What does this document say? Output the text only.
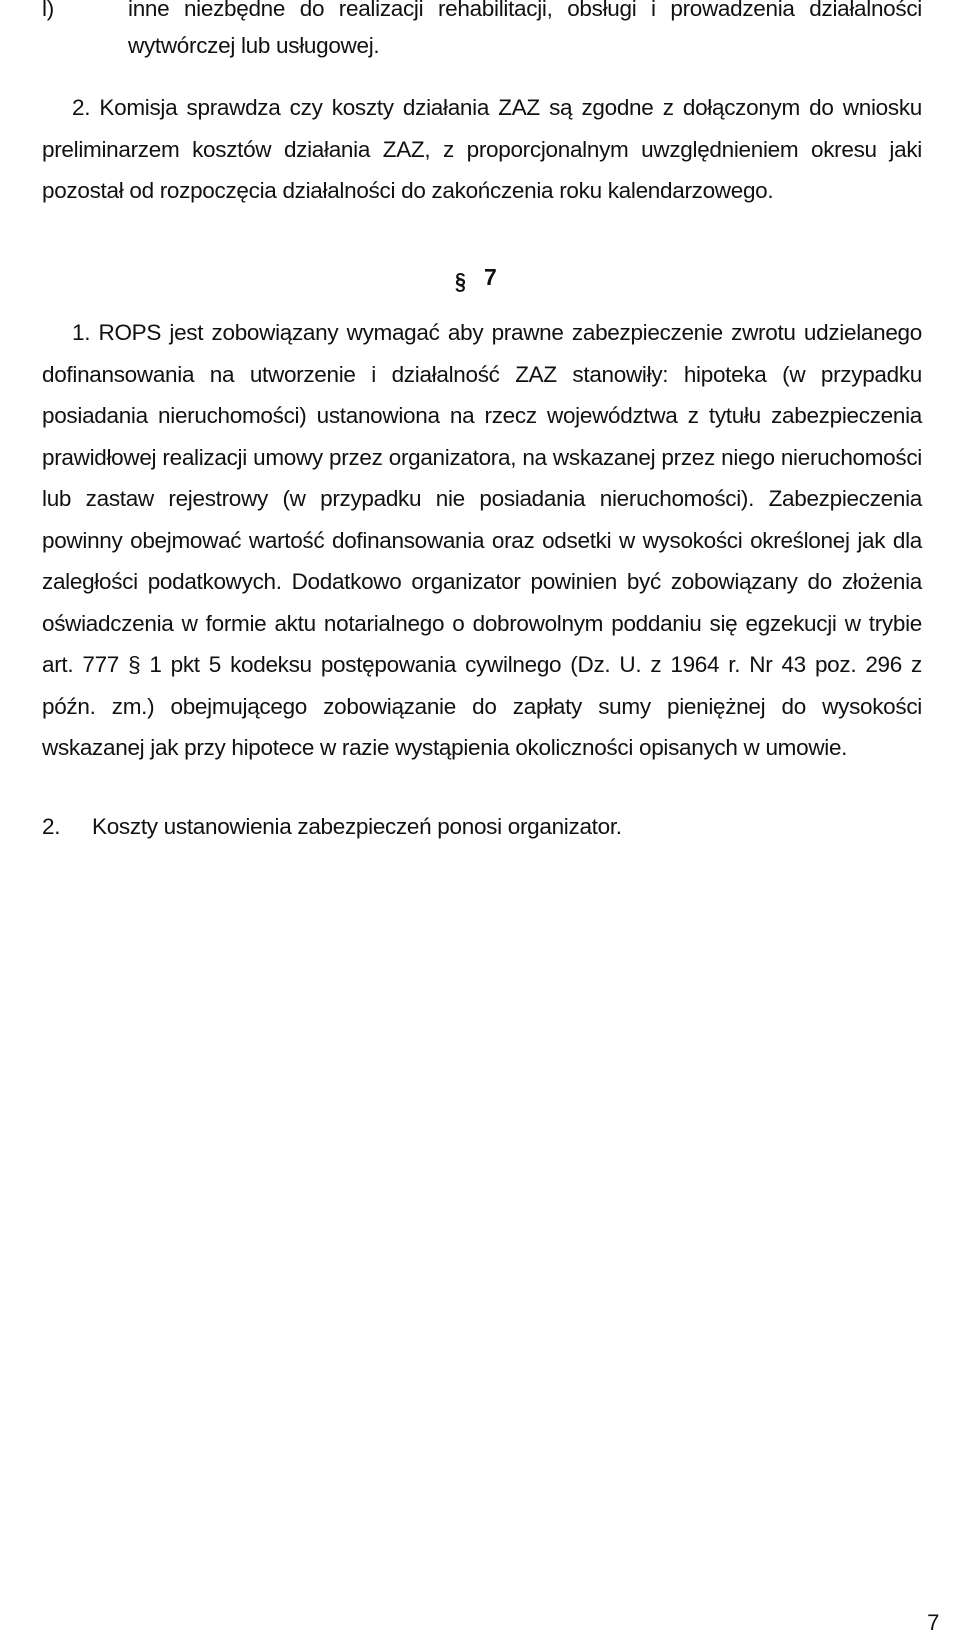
l)	inne niezbędne do realizacji rehabilitacji, obsługi i prowadzenia działalności wytwórczej lub usługowej.
2. Komisja sprawdza czy koszty działania ZAZ są zgodne z dołączonym do wniosku preliminarzem kosztów działania ZAZ, z proporcjonalnym uwzględnieniem okresu jaki pozostał od rozpoczęcia działalności do zakończenia roku kalendarzowego.
§ 7
1. ROPS jest zobowiązany wymagać aby prawne zabezpieczenie zwrotu udzielanego dofinansowania na utworzenie i działalność ZAZ stanowiły: hipoteka (w przypadku posiadania nieruchomości) ustanowiona na rzecz województwa z tytułu zabezpieczenia prawidłowej realizacji umowy przez organizatora, na wskazanej przez niego nieruchomości lub zastaw rejestrowy (w przypadku nie posiadania nieruchomości). Zabezpieczenia powinny obejmować wartość dofinansowania oraz odsetki w wysokości określonej jak dla zaległości podatkowych. Dodatkowo organizator powinien być zobowiązany do złożenia oświadczenia w formie aktu notarialnego o dobrowolnym poddaniu się egzekucji w trybie art. 777 § 1 pkt 5 kodeksu postępowania cywilnego (Dz. U. z 1964 r. Nr 43 poz. 296 z późn. zm.) obejmującego zobowiązanie do zapłaty sumy pieniężnej do wysokości wskazanej jak przy hipotece w razie wystąpienia okoliczności opisanych w umowie.
2.	Koszty ustanowienia zabezpieczeń ponosi organizator.
7
